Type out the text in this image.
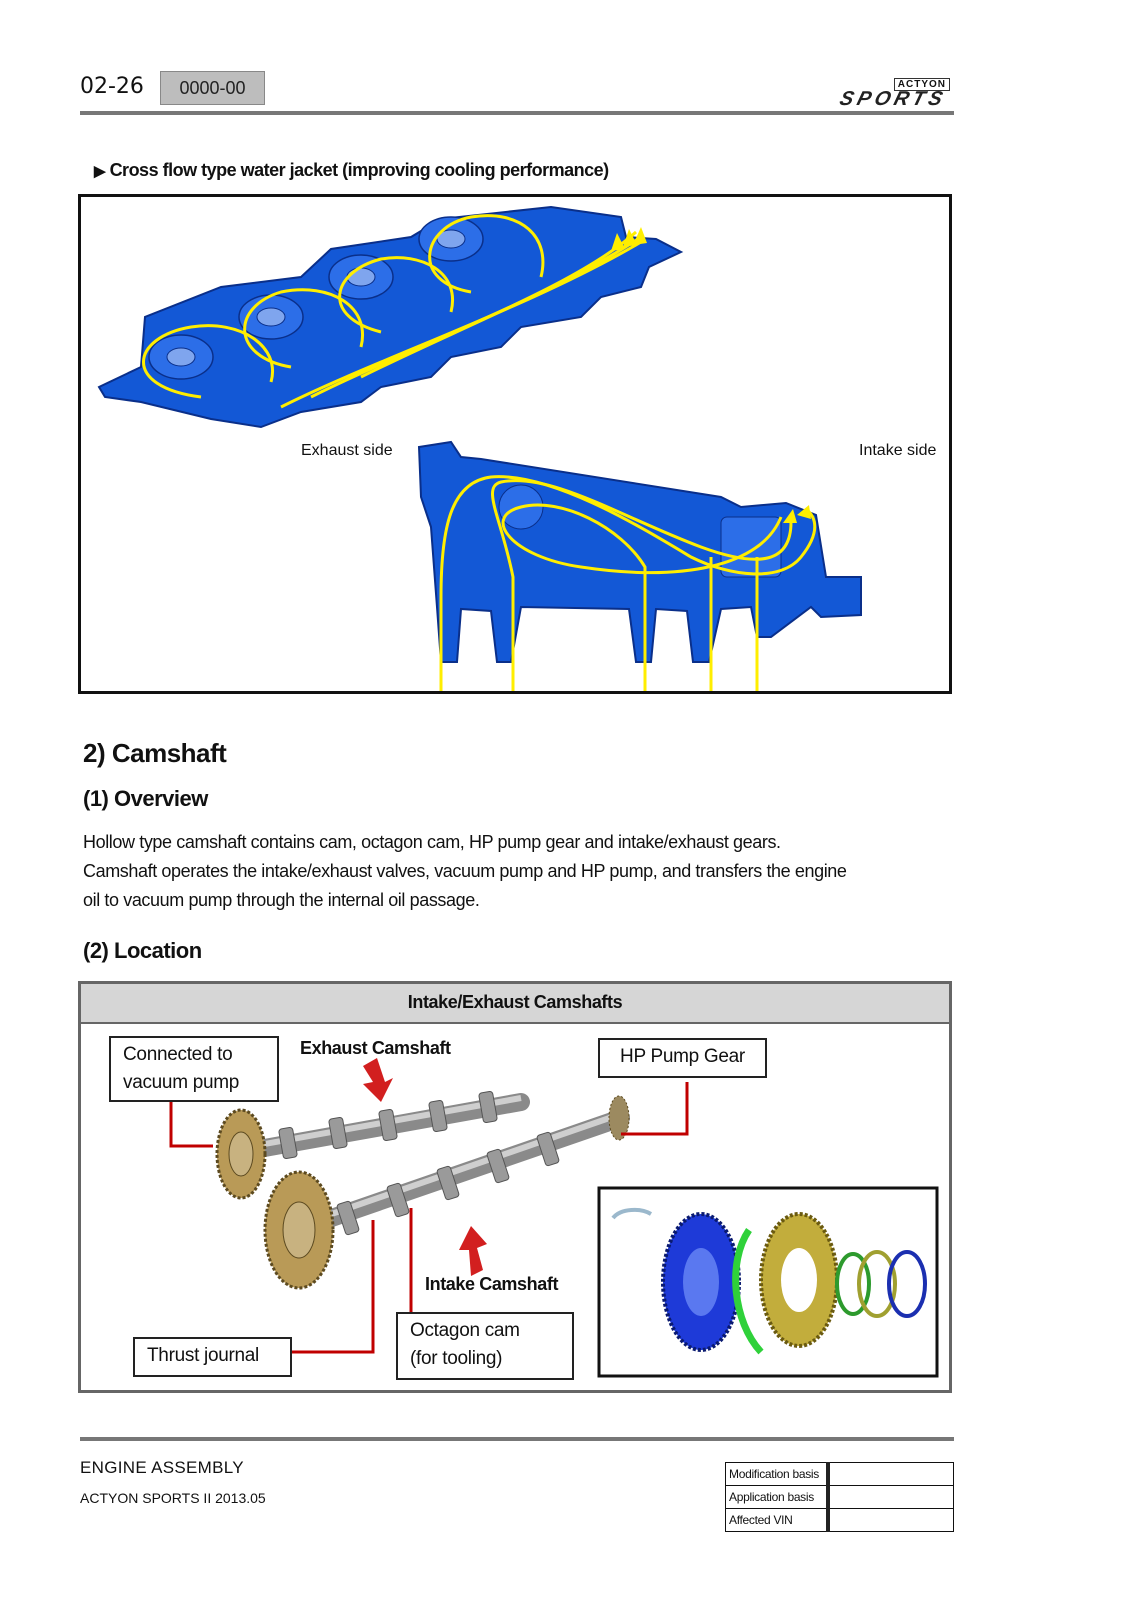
02-26	0000-00	ACTYON
SPORTS
▶ Cross flow type water jacket (improving cooling performance)
Exhaust side	Intake side
2) Camshaft
(1) Overview
Hollow type camshaft contains cam, octagon cam, HP pump gear and intake/exhaust gears.
Camshaft operates the intake/exhaust valves, vacuum pump and HP pump, and transfers the engine
oil to vacuum pump through the internal oil passage.
(2) Location
Intake/Exhaust Camshafts
Connected to
vacuum pump
Exhaust Camshaft	HP Pump Gear
Intake Camshaft
Thrust journal
Octagon cam
(for tooling)
ENGINE ASSEMBLY
ACTYON SPORTS II 2013.05
Modification basis	
Application basis	
Affected VIN	
